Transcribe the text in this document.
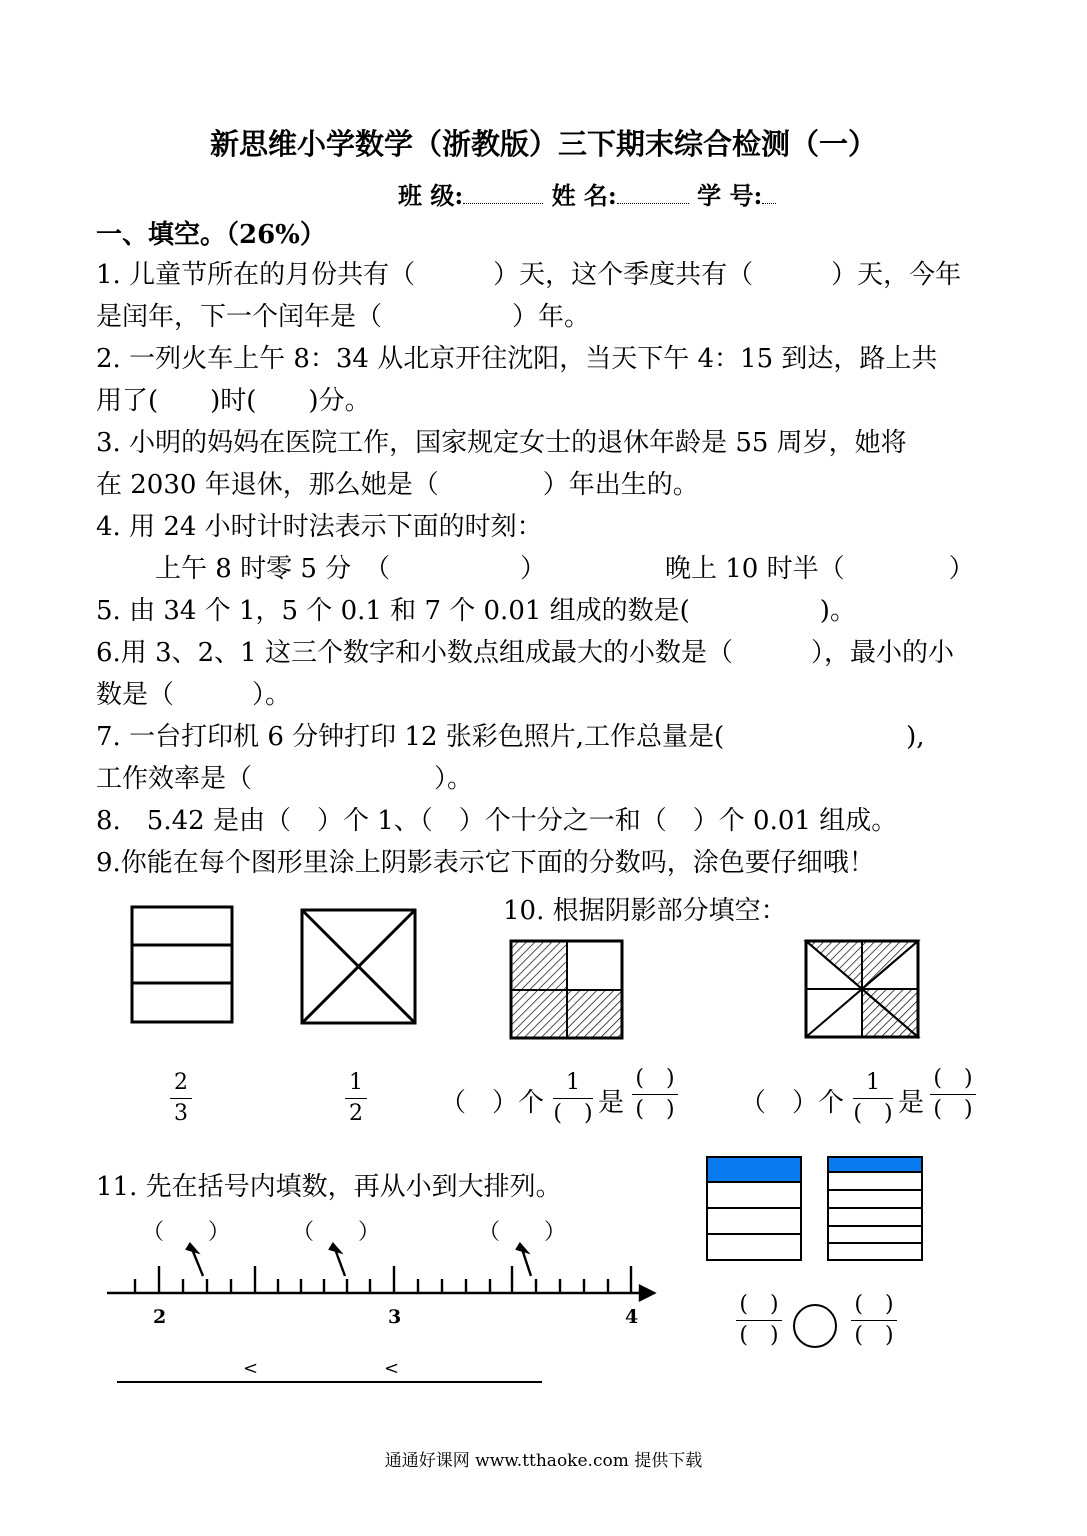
新思维小学数学（浙教版）三下期末综合检测（一）
班 级:	姓 名:	学 号:
一、填空。（26%）
1. 儿童节所在的月份共有（　　　）天，这个季度共有（　　　）天，今年
是闰年，下一个闰年是（　　　　　）年。
2. 一列火车上午 8：34 从北京开往沈阳，当天下午 4：15 到达，路上共
用了(　　)时(　　)分。
3. 小明的妈妈在医院工作，国家规定女士的退休年龄是 55 周岁，她将
在 2030 年退休，那么她是（　　　　）年出生的。
4. 用 24 小时计时法表示下面的时刻：
上午 8 时零 5 分　（　　　　　）	晚上 10 时半（　　　　）
5. 由 34 个 1，5 个 0.1 和 7 个 0.01 组成的数是(　　　　　)。
6.用 3、2、1 这三个数字和小数点组成最大的小数是（　　　），最小的小
数是（　　　）。
7. 一台打印机 6 分钟打印 12 张彩色照片,工作总量是(　　　　　　　),
工作效率是（　　　　　　　）。
8.　5.42 是由（　）个 1、（　）个十分之一和（　）个 0.01 组成。
9.你能在每个图形里涂上阴影表示它下面的分数吗，涂色要仔细哦！
10. 根据阴影部分填空：
2
3
1
2	（　）个
1
(　) 是
(　)
(　)	（　）个
1
(　) 是
(　)
(　)
11. 先在括号内填数，再从小到大排列。
（　　）	（　　）	（　　）
2	3	4
<	<
(　)
(　)
(　)
(　)
通通好课网 www.tthaoke.com 提供下载
